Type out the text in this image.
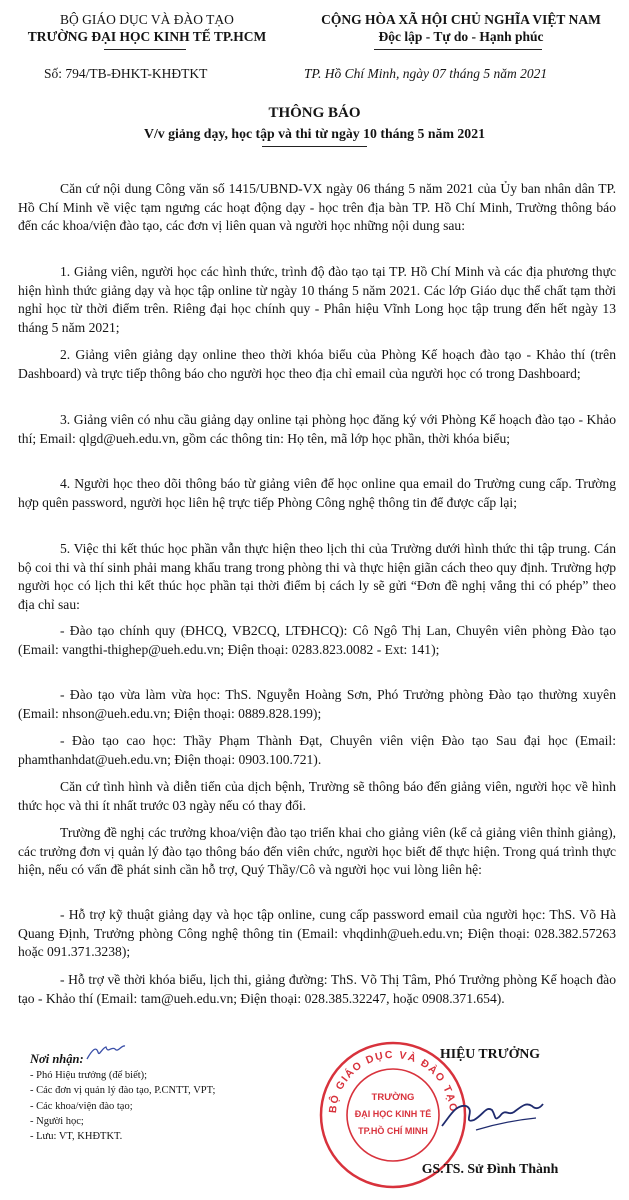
BỘ GIÁO DỤC VÀ ĐÀO TẠO
TRƯỜNG ĐẠI HỌC KINH TẾ TP.HCM
CỘNG HÒA XÃ HỘI CHỦ NGHĨA VIỆT NAM
Độc lập - Tự do - Hạnh phúc
Số: 794/TB-ĐHKT-KHĐTKT	TP. Hồ Chí Minh, ngày 07 tháng 5 năm 2021
THÔNG BÁO
V/v giảng dạy, học tập và thi từ ngày 10 tháng 5 năm 2021
Căn cứ nội dung Công văn số 1415/UBND-VX ngày 06 tháng 5 năm 2021 của Ủy ban nhân dân TP. Hồ Chí Minh về việc tạm ngưng các hoạt động dạy - học trên địa bàn TP. Hồ Chí Minh, Trường thông báo đến các khoa/viện đào tạo, các đơn vị liên quan và người học những nội dung sau:
1. Giảng viên, người học các hình thức, trình độ đào tạo tại TP. Hồ Chí Minh và các địa phương thực hiện hình thức giảng dạy và học tập online từ ngày 10 tháng 5 năm 2021. Các lớp Giáo dục thể chất tạm thời nghỉ học từ thời điểm trên. Riêng đại học chính quy - Phân hiệu Vĩnh Long học tập trung đến hết ngày 13 tháng 5 năm 2021;
2. Giảng viên giảng dạy online theo thời khóa biểu của Phòng Kế hoạch đào tạo - Khảo thí (trên Dashboard) và trực tiếp thông báo cho người học theo địa chỉ email của người học có trong Dashboard;
3. Giảng viên có nhu cầu giảng dạy online tại phòng học đăng ký với Phòng Kế hoạch đào tạo - Khảo thí; Email: qlgd@ueh.edu.vn, gồm các thông tin: Họ tên, mã lớp học phần, thời khóa biểu;
4. Người học theo dõi thông báo từ giảng viên để học online qua email do Trường cung cấp. Trường hợp quên password, người học liên hệ trực tiếp Phòng Công nghệ thông tin để được cấp lại;
5. Việc thi kết thúc học phần vẫn thực hiện theo lịch thi của Trường dưới hình thức thi tập trung. Cán bộ coi thi và thí sinh phải mang khẩu trang trong phòng thi và thực hiện giãn cách theo quy định. Trường hợp người học có lịch thi kết thúc học phần tại thời điểm bị cách ly sẽ gửi “Đơn đề nghị vắng thi có phép” theo địa chỉ sau:
- Đào tạo chính quy (ĐHCQ, VB2CQ, LTĐHCQ): Cô Ngô Thị Lan, Chuyên viên phòng Đào tạo (Email: vangthi-thighep@ueh.edu.vn; Điện thoại: 0283.823.0082 - Ext: 141);
- Đào tạo vừa làm vừa học: ThS. Nguyễn Hoàng Sơn, Phó Trưởng phòng Đào tạo thường xuyên (Email: nhson@ueh.edu.vn; Điện thoại: 0889.828.199);
- Đào tạo cao học: Thầy Phạm Thành Đạt, Chuyên viên viện Đào tạo Sau đại học (Email: phamthanhdat@ueh.edu.vn; Điện thoại: 0903.100.721).
Căn cứ tình hình và diễn tiến của dịch bệnh, Trường sẽ thông báo đến giảng viên, người học về hình thức học và thi ít nhất trước 03 ngày nếu có thay đổi.
Trường đề nghị các trưởng khoa/viện đào tạo triển khai cho giảng viên (kể cả giảng viên thỉnh giảng), các trưởng đơn vị quản lý đào tạo thông báo đến viên chức, người học biết để thực hiện. Trong quá trình thực hiện, nếu có vấn đề phát sinh cần hỗ trợ, Quý Thầy/Cô và người học vui lòng liên hệ:
- Hỗ trợ kỹ thuật giảng dạy và học tập online, cung cấp password email của người học: ThS. Võ Hà Quang Định, Trưởng phòng Công nghệ thông tin (Email: vhqdinh@ueh.edu.vn; Điện thoại: 028.382.57263 hoặc 091.371.3238);
- Hỗ trợ về thời khóa biểu, lịch thi, giảng đường: ThS. Võ Thị Tâm, Phó Trưởng phòng Kế hoạch đào tạo - Khảo thí (Email: tam@ueh.edu.vn; Điện thoại: 028.385.32247, hoặc 0908.371.654).
Nơi nhận:
- Phó Hiệu trưởng (để biết);
- Các đơn vị quản lý đào tạo, P.CNTT, VPT;
- Các khoa/viện đào tạo;
- Người học;
- Lưu: VT, KHĐTKT.
BỘ GIÁO DỤC VÀ ĐÀO TẠO
TRƯỜNG
ĐẠI HỌC KINH TẾ
TP.HỒ CHÍ MINH
HIỆU TRƯỞNG
GS.TS. Sử Đình Thành
